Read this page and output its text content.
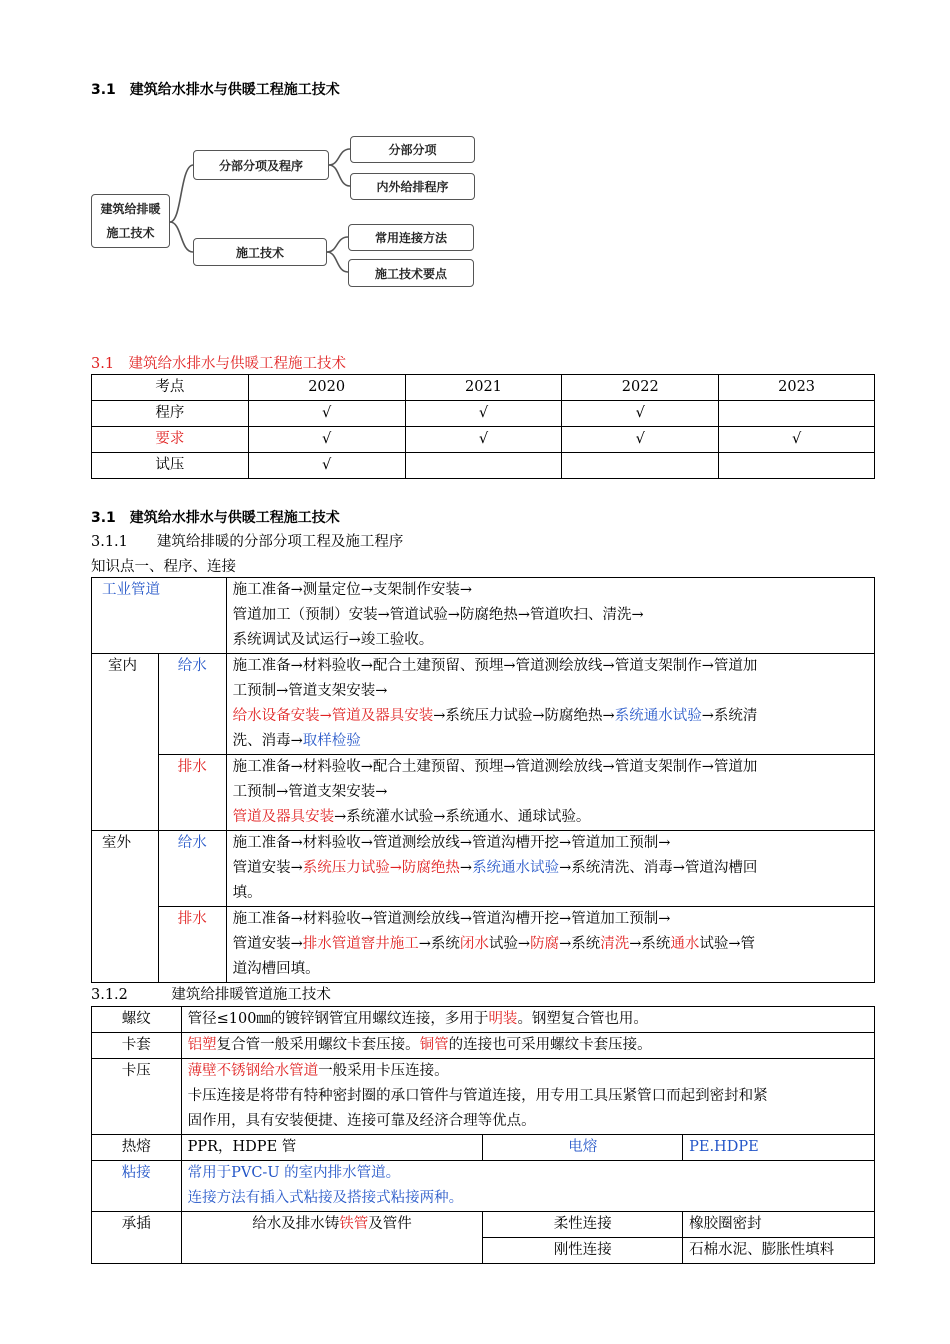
3.1　建筑给水排水与供暖工程施工技术
建筑给排暖
施工技术
分部分项及程序
分部分项
内外给排程序
施工技术
常用连接方法
施工技术要点
3.1　建筑给水排水与供暖工程施工技术
考点	2020	2021	2022	2023
程序	√	√	√	
要求	√	√	√	√
试压	√			
3.1　建筑给水排水与供暖工程施工技术
3.1.1　　建筑给排暖的分部分项工程及施工程序
知识点一、程序、连接
工业管道		施工准备→测量定位→支架制作安装→
管道加工（预制）安装→管道试验→防腐绝热→管道吹扫、清洗→
系统调试及试运行→竣工验收。

室内	给水	施工准备→材料验收→配合土建预留、预埋→管道测绘放线→管道支架制作→管道加
工预制→管道支架安装→
给水设备安装→管道及器具安装→系统压力试验→防腐绝热→系统通水试验→系统清
洗、消毒→取样检验

	排水	施工准备→材料验收→配合土建预留、预埋→管道测绘放线→管道支架制作→管道加
工预制→管道支架安装→
管道及器具安装→系统灌水试验→系统通水、通球试验。

室外	给水	施工准备→材料验收→管道测绘放线→管道沟槽开挖→管道加工预制→
管道安装→系统压力试验→防腐绝热→系统通水试验→系统清洗、消毒→管道沟槽回
填。

	排水	施工准备→材料验收→管道测绘放线→管道沟槽开挖→管道加工预制→
管道安装→排水管道窨井施工→系统闭水试验→防腐→系统清洗→系统通水试验→管
道沟槽回填。
3.1.2　　　建筑给排暖管道施工技术
螺纹	管径≤100㎜的镀锌钢管宜用螺纹连接，多用于明装。钢塑复合管也用。		
卡套	铝塑复合管一般采用螺纹卡套压接。铜管的连接也可采用螺纹卡套压接。		
卡压	薄壁不锈钢给水管道一般采用卡压连接。
卡压连接是将带有特种密封圈的承口管件与管道连接，用专用工具压紧管口而起到密封和紧
固作用，具有安装便捷、连接可靠及经济合理等优点。		

热熔	PPR，HDPE 管	电熔	PE.HDPE
粘接	常用于PVC-U 的室内排水管道。
连接方法有插入式粘接及搭接式粘接两种。		

承插	给水及排水铸铁管及管件	柔性连接	橡胶圈密封
		刚性连接	石棉水泥、膨胀性填料
